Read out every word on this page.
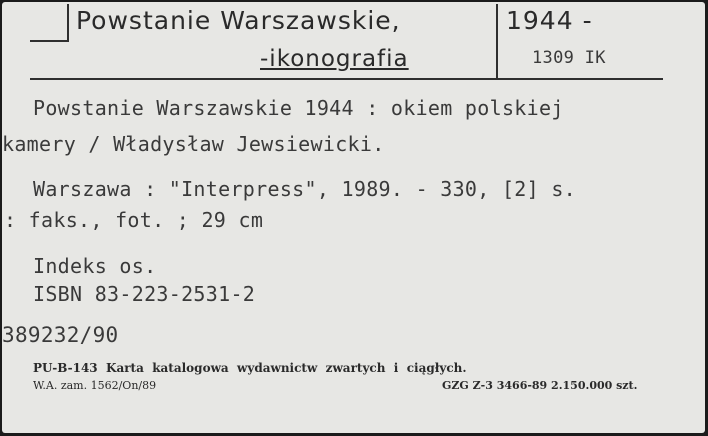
Powstanie Warszawskie,
-ikonografia
1944 -
1309 IK
Powstanie Warszawskie 1944 : okiem polskiej
kamery / Władysław Jewsiewicki.
Warszawa : "Interpress", 1989. - 330, [2] s.
: faks., fot. ; 29 cm
Indeks os.
ISBN 83-223-2531-2
389232/90
PU-B-143  Karta  katalogowa  wydawnictw  zwartych  i  ciągłych.
W.A. zam. 1562/On/89	GZG Z-3 3466-89 2.150.000 szt.
